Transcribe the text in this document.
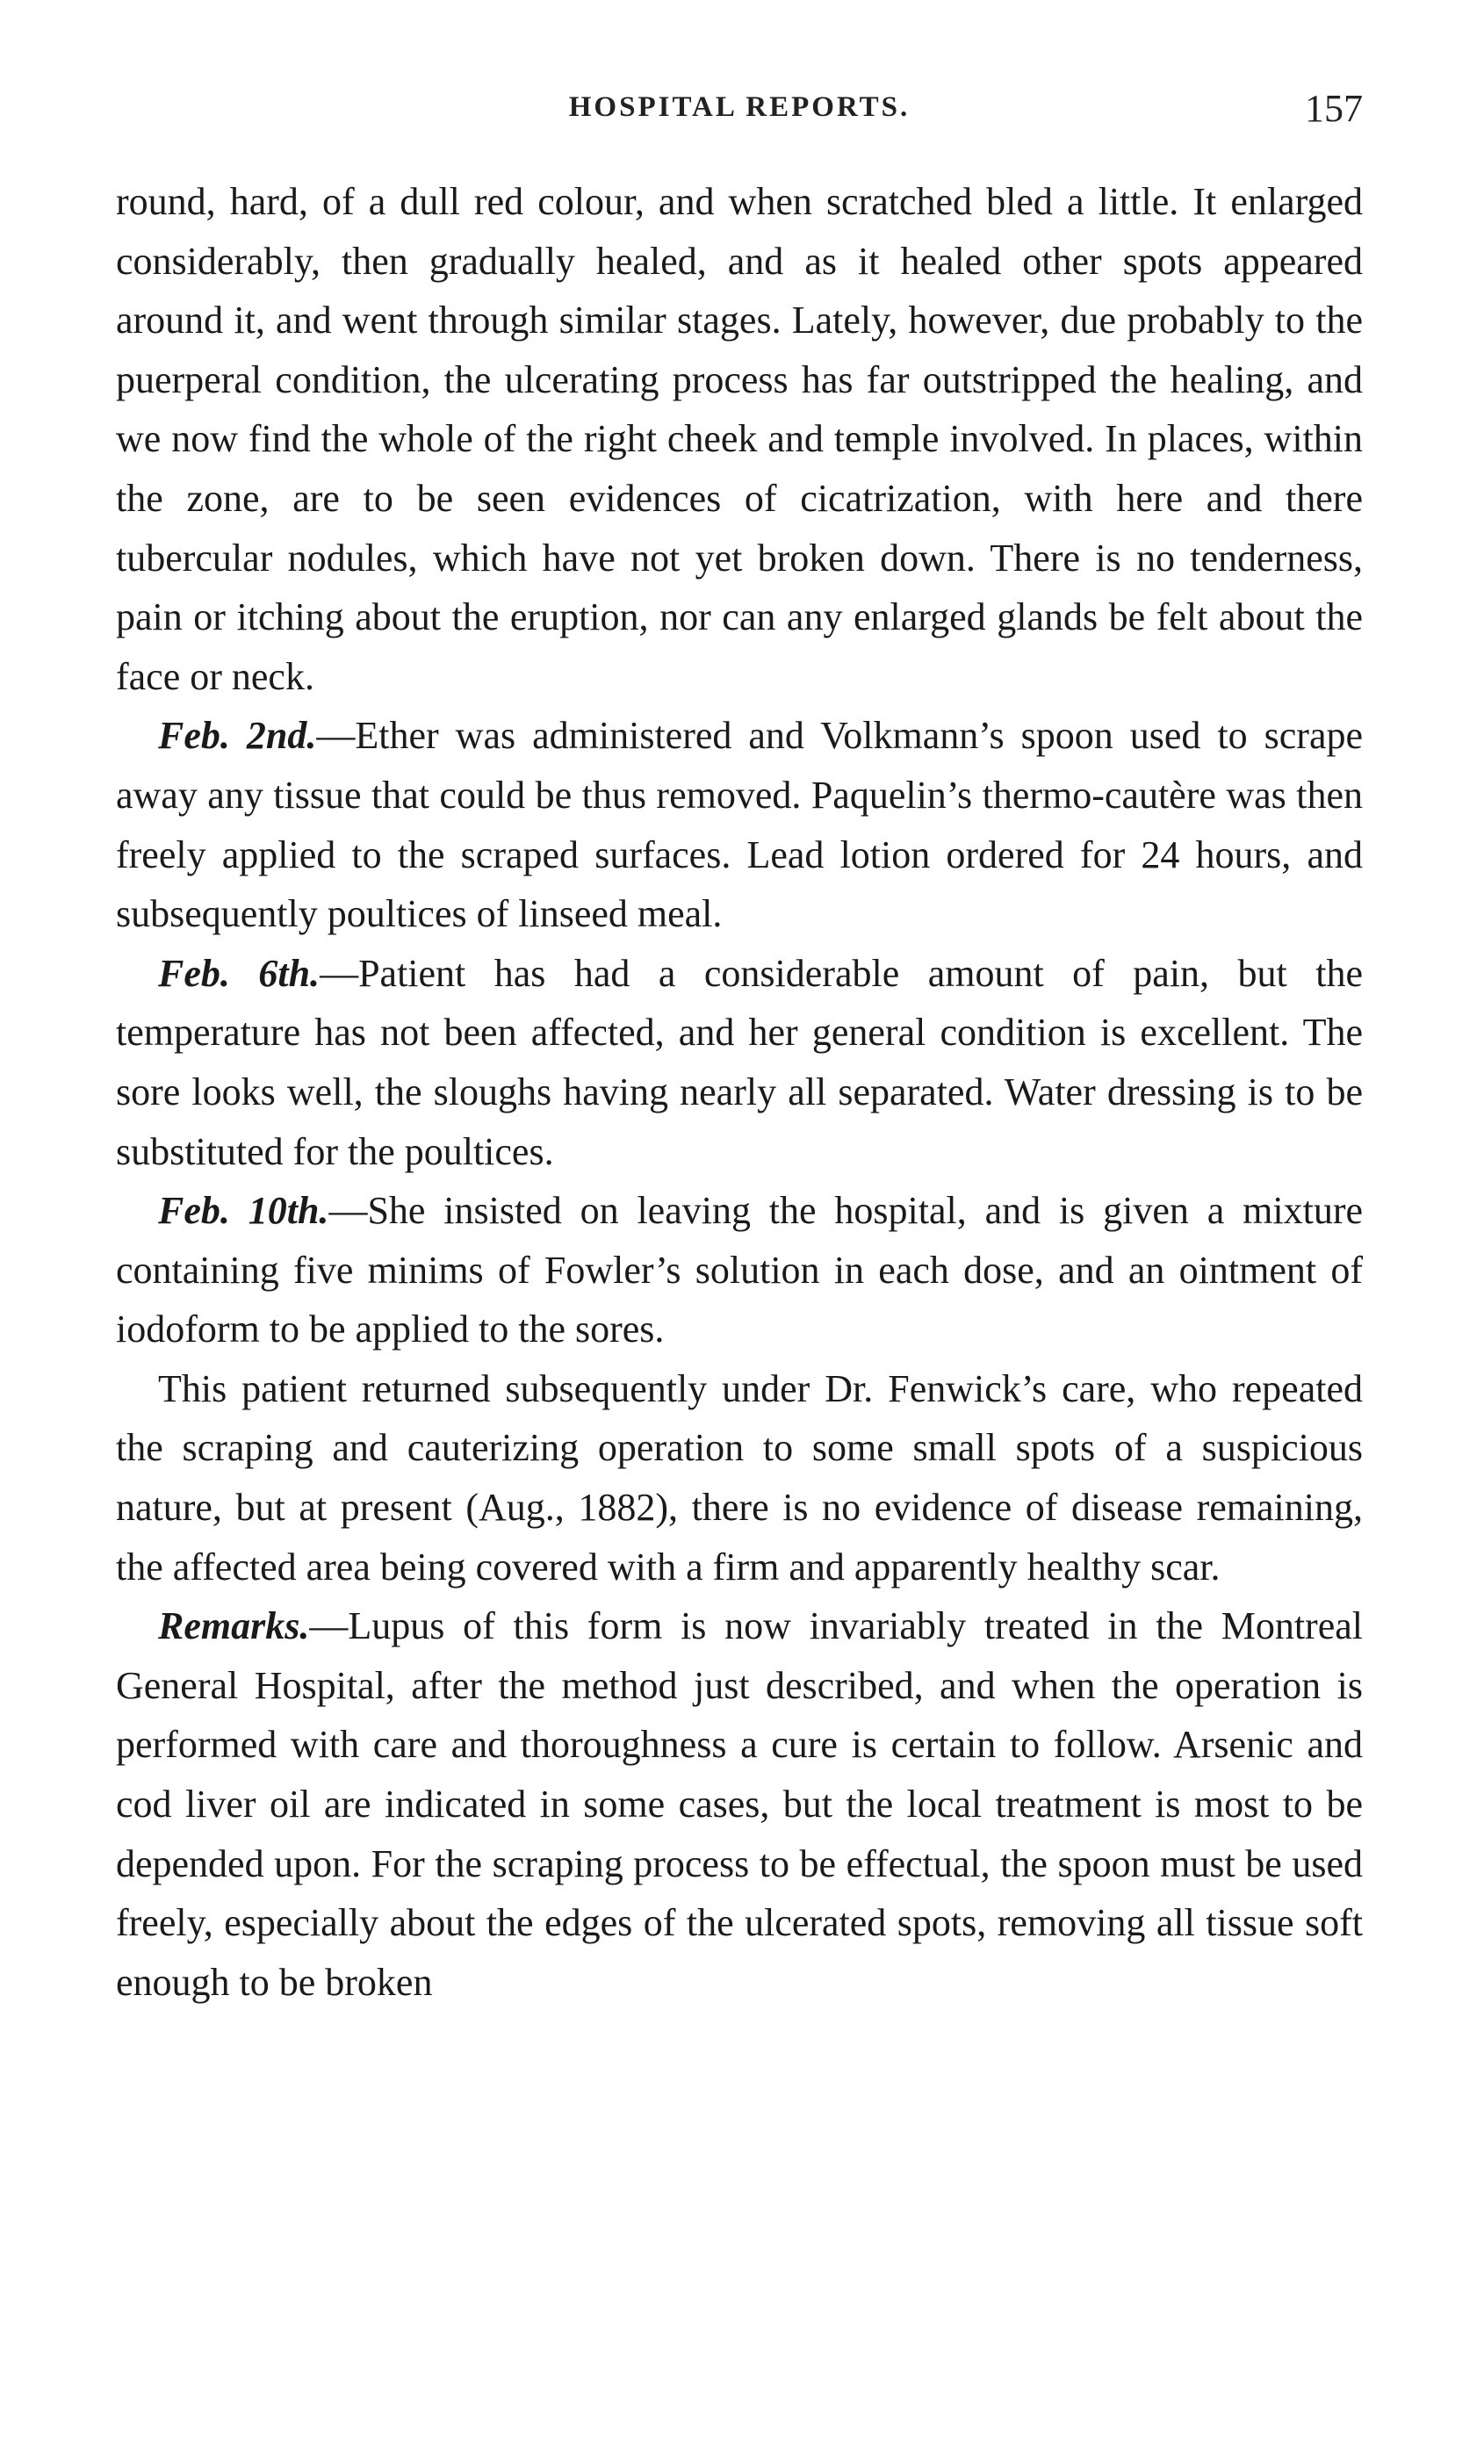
HOSPITAL REPORTS.	157

round, hard, of a dull red colour, and when scratched bled a little. It enlarged considerably, then gradually healed, and as it healed other spots appeared around it, and went through similar stages. Lately, however, due probably to the puerperal condition, the ulcerating process has far outstripped the healing, and we now find the whole of the right cheek and temple involved. In places, within the zone, are to be seen evidences of cicatrization, with here and there tubercular nodules, which have not yet broken down. There is no tenderness, pain or itching about the eruption, nor can any enlarged glands be felt about the face or neck.

Feb. 2nd.—Ether was administered and Volkmann’s spoon used to scrape away any tissue that could be thus removed. Paquelin’s thermo-cautère was then freely applied to the scraped surfaces. Lead lotion ordered for 24 hours, and subsequently poultices of linseed meal.

Feb. 6th.—Patient has had a considerable amount of pain, but the temperature has not been affected, and her general condition is excellent. The sore looks well, the sloughs having nearly all separated. Water dressing is to be substituted for the poultices.

Feb. 10th.—She insisted on leaving the hospital, and is given a mixture containing five minims of Fowler’s solution in each dose, and an ointment of iodoform to be applied to the sores.

This patient returned subsequently under Dr. Fenwick’s care, who repeated the scraping and cauterizing operation to some small spots of a suspicious nature, but at present (Aug., 1882), there is no evidence of disease remaining, the affected area being covered with a firm and apparently healthy scar.

Remarks.—Lupus of this form is now invariably treated in the Montreal General Hospital, after the method just described, and when the operation is performed with care and thoroughness a cure is certain to follow. Arsenic and cod liver oil are indicated in some cases, but the local treatment is most to be depended upon. For the scraping process to be effectual, the spoon must be used freely, especially about the edges of the ulcerated spots, removing all tissue soft enough to be broken
